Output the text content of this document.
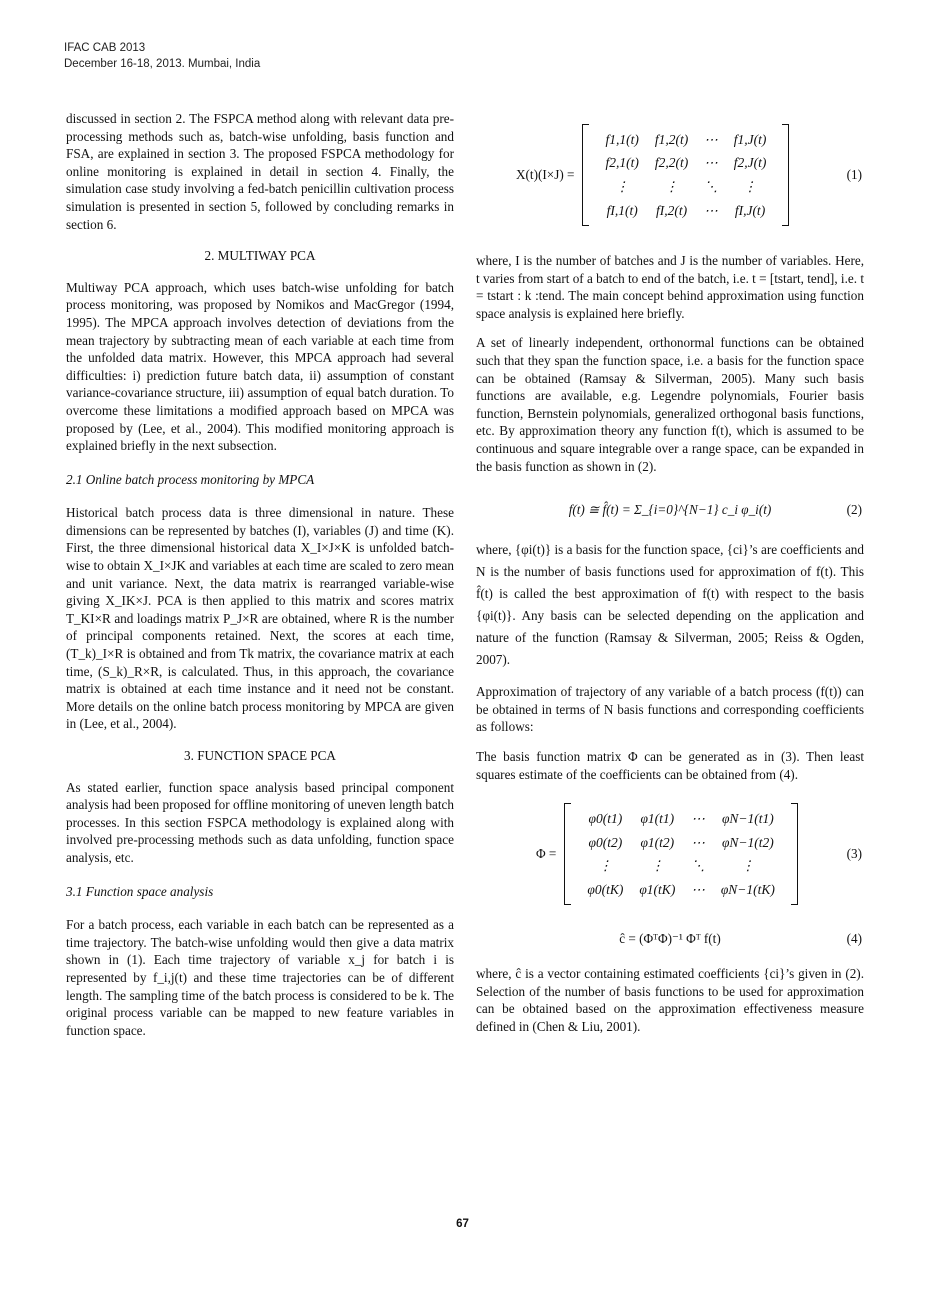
IFAC CAB 2013
December 16-18, 2013. Mumbai, India

discussed in section 2. The FSPCA method along with relevant data pre-processing methods such as, batch-wise unfolding, basis function and FSA, are explained in section 3. The proposed FSPCA methodology for online monitoring is explained in detail in section 4. Finally, the simulation case study involving a fed-batch penicillin cultivation process simulation is presented in section 5, followed by concluding remarks in section 6.

2. MULTIWAY PCA

Multiway PCA approach, which uses batch-wise unfolding for batch process monitoring, was proposed by Nomikos and MacGregor (1994, 1995). The MPCA approach involves detection of deviations from the mean trajectory by subtracting mean of each variable at each time from the unfolded data matrix. However, this MPCA approach had several difficulties: i) prediction future batch data, ii) assumption of constant variance-covariance structure, iii) assumption of equal batch duration. To overcome these limitations a modified approach based on MPCA was proposed by (Lee, et al., 2004). This modified monitoring approach is explained briefly in the next subsection.

2.1 Online batch process monitoring by MPCA

Historical batch process data is three dimensional in nature. These dimensions can be represented by batches (I), variables (J) and time (K). First, the three dimensional historical data X_I×J×K is unfolded batch-wise to obtain X_I×JK and variables at each time are scaled to zero mean and unit variance. Next, the data matrix is rearranged variable-wise giving X_IK×J. PCA is then applied to this matrix and scores matrix T_KI×R and loadings matrix P_J×R are obtained, where R is the number of principal components retained. Next, the scores at each time, (T_k)_I×R is obtained and from Tk matrix, the covariance matrix at each time, (S_k)_R×R, is calculated. Thus, in this approach, the covariance matrix is obtained at each time instance and it need not be constant. More details on the online batch process monitoring by MPCA are given in (Lee, et al., 2004).

3. FUNCTION SPACE PCA

As stated earlier, function space analysis based principal component analysis had been proposed for offline monitoring of uneven length batch processes. In this section FSPCA methodology is explained along with involved pre-processing methods such as data unfolding, function space analysis, etc.

3.1 Function space analysis

For a batch process, each variable in each batch can be represented as a time trajectory. The batch-wise unfolding would then give a data matrix shown in (1). Each time trajectory of variable x_j for batch i is represented by f_i,j(t) and these time trajectories can be of different length. The sampling time of the batch process is considered to be k. The original process variable can be mapped to new feature variables in function space.

X(t)(I×J) =
f1,1(t)	f1,2(t)	⋯	f1,J(t)
f2,1(t)	f2,2(t)	⋯	f2,J(t)
⋮	⋮	⋱	⋮
fI,1(t)	fI,2(t)	⋯	fI,J(t)
(1)

where, I is the number of batches and J is the number of variables. Here, t varies from start of a batch to end of the batch, i.e. t = [tstart, tend], i.e. t = tstart : k :tend. The main concept behind approximation using function space analysis is explained here briefly.

A set of linearly independent, orthonormal functions can be obtained such that they span the function space, i.e. a basis for the function space can be obtained (Ramsay & Silverman, 2005). Many such basis functions are available, e.g. Legendre polynomials, Fourier basis function, Bernstein polynomials, generalized orthogonal basis functions, etc. By approximation theory any function f(t), which is assumed to be continuous and square integrable over a range space, can be expanded in the basis function as shown in (2).

f(t) ≅ f̂(t) = Σ_{i=0}^{N−1} c_i φ_i(t)	(2)

where, {φi(t)} is a basis for the function space, {ci}’s are coefficients and N is the number of basis functions used for approximation of f(t). This f̂(t) is called the best approximation of f(t) with respect to the basis {φi(t)}. Any basis can be selected depending on the application and nature of the function (Ramsay & Silverman, 2005; Reiss & Ogden, 2007).

Approximation of trajectory of any variable of a batch process (f(t)) can be obtained in terms of N basis functions and corresponding coefficients as follows:

The basis function matrix Φ can be generated as in (3). Then least squares estimate of the coefficients can be obtained from (4).

Φ =
φ0(t1)	φ1(t1)	⋯	φN−1(t1)
φ0(t2)	φ1(t2)	⋯	φN−1(t2)
⋮	⋮	⋱	⋮
φ0(tK)	φ1(tK)	⋯	φN−1(tK)
(3)
ĉ = (ΦᵀΦ)⁻¹ Φᵀ f(t)	(4)

where, ĉ is a vector containing estimated coefficients {ci}’s given in (2). Selection of the number of basis functions to be used for approximation can be obtained based on the approximation effectiveness measure defined in (Chen & Liu, 2001).

67
